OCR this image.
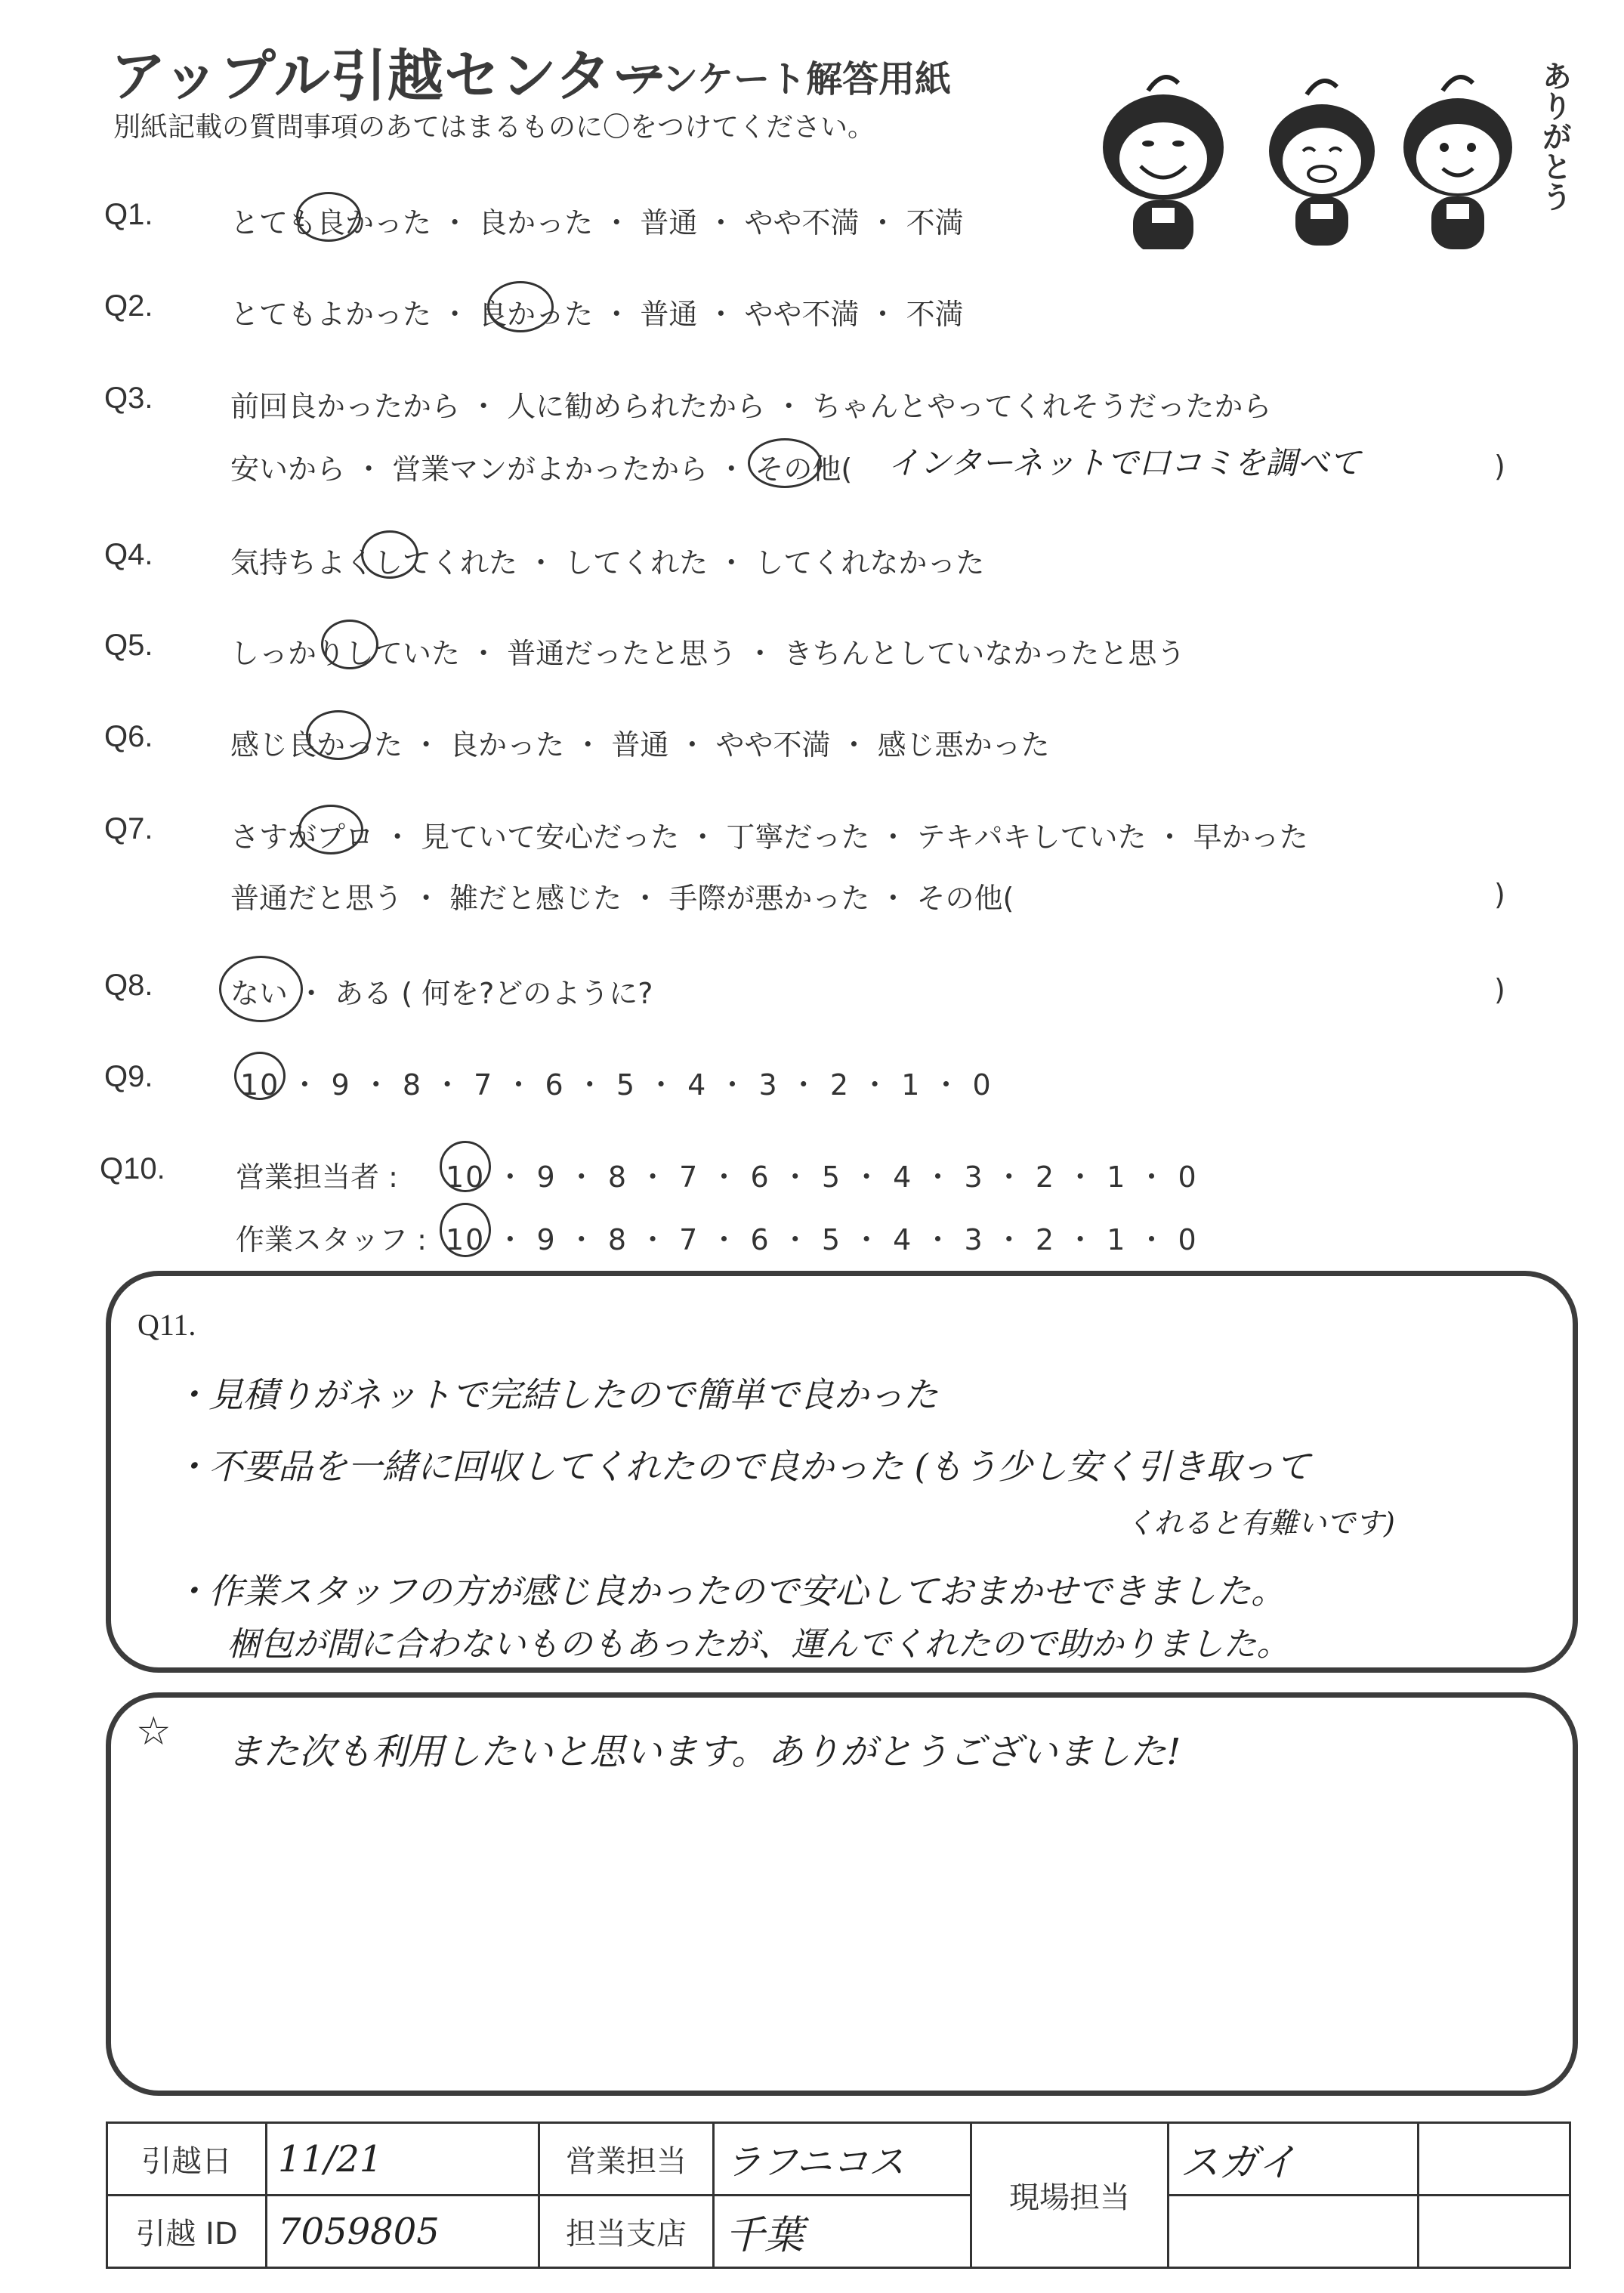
アップル引越センター
アンケート解答用紙
別紙記載の質問事項のあてはまるものに〇をつけてください。	ありがとう
Q1.	とても良かった ・ 良かった ・ 普通 ・ やや不満 ・ 不満
Q2.	とてもよかった ・ 良かった ・ 普通 ・ やや不満 ・ 不満
Q3.	前回良かったから ・ 人に勧められたから ・ ちゃんとやってくれそうだったから
安いから ・ 営業マンがよかったから ・ その他( インターネットで口コミを調べて	)
Q4.	気持ちよくしてくれた ・ してくれた ・ してくれなかった
Q5.	しっかりしていた ・ 普通だったと思う ・ きちんとしていなかったと思う
Q6.	感じ良かった ・ 良かった ・ 普通 ・ やや不満 ・ 感じ悪かった
Q7.	さすがプロ ・ 見ていて安心だった ・ 丁寧だった ・ テキパキしていた ・ 早かった
普通だと思う ・ 雑だと感じた ・ 手際が悪かった ・ その他(	)
Q8.	ない ・ ある ( 何を?どのように?	)
Q9.	10 ・ 9 ・ 8 ・ 7 ・ 6 ・ 5 ・ 4 ・ 3 ・ 2 ・ 1 ・ 0
Q10. 営業担当者 : 10 ・ 9 ・ 8 ・ 7 ・ 6 ・ 5 ・ 4 ・ 3 ・ 2 ・ 1 ・ 0
作業スタッフ : 10 ・ 9 ・ 8 ・ 7 ・ 6 ・ 5 ・ 4 ・ 3 ・ 2 ・ 1 ・ 0
Q11.
・見積りがネットで完結したので簡単で良かった
・不要品を一緒に回収してくれたので良かった (もう少し安く引き取って
くれると有難いです)
・作業スタッフの方が感じ良かったので安心しておまかせできました。
梱包が間に合わないものもあったが、運んでくれたので助かりました。
☆ また次も利用したいと思います。ありがとうございました!
引越日	11/21	営業担当	ラフニコス	現場担当	スガイ	
引越 ID	7059805	担当支店	千葉			
